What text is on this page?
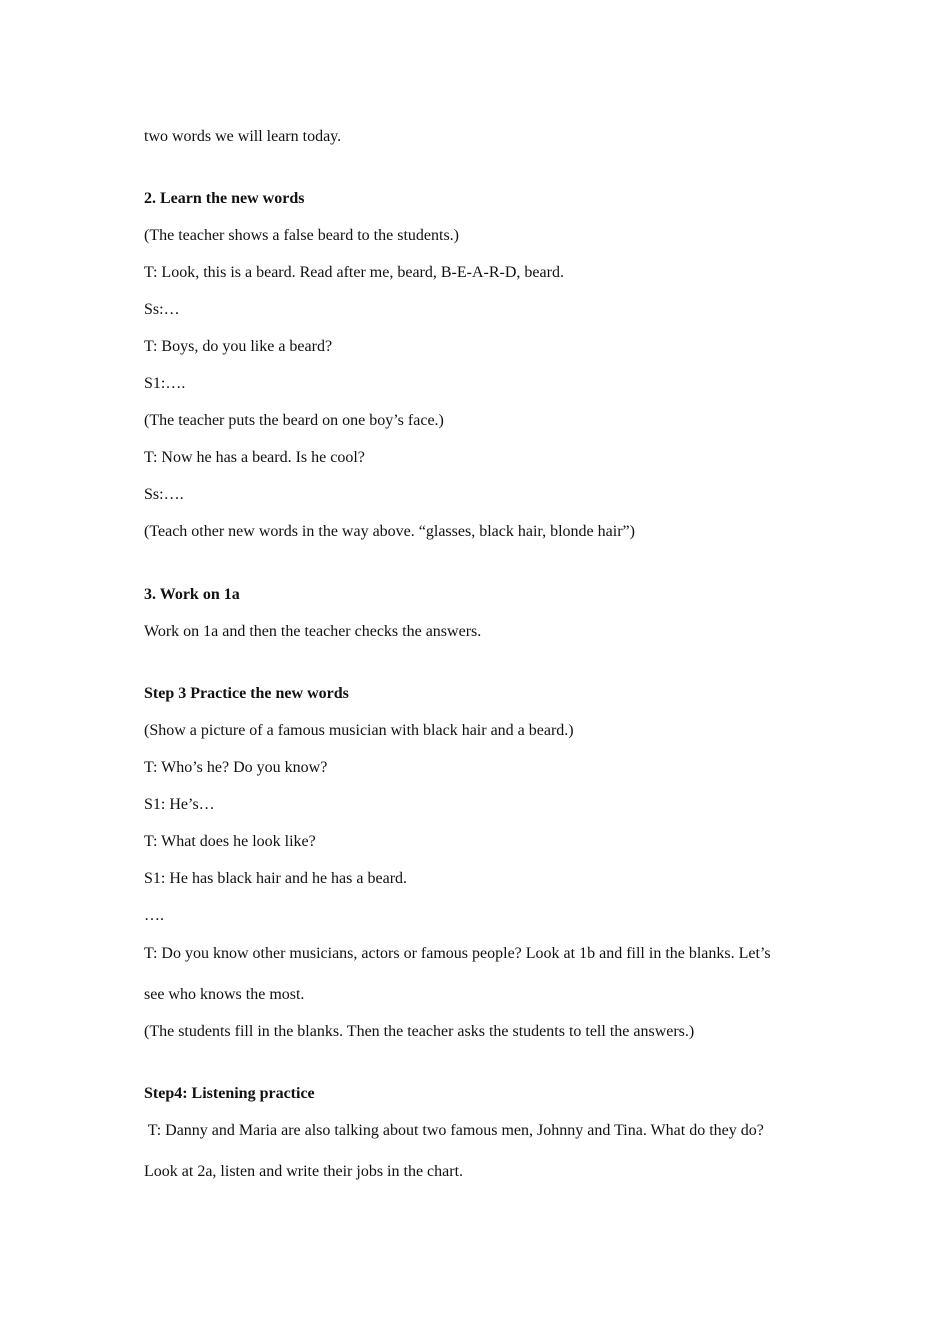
two words we will learn today.
2. Learn the new words
(The teacher shows a false beard to the students.)
T: Look, this is a beard. Read after me, beard, B-E-A-R-D, beard.
Ss:…
T: Boys, do you like a beard?
S1:….
(The teacher puts the beard on one boy’s face.)
T: Now he has a beard. Is he cool?
Ss:….
(Teach other new words in the way above. “glasses, black hair, blonde hair”)
3. Work on 1a
Work on 1a and then the teacher checks the answers.
Step 3 Practice the new words
(Show a picture of a famous musician with black hair and a beard.)
T: Who’s he? Do you know?
S1: He’s…
T: What does he look like?
S1: He has black hair and he has a beard.
….
T: Do you know other musicians, actors or famous people? Look at 1b and fill in the blanks. Let’s
see who knows the most.
(The students fill in the blanks. Then the teacher asks the students to tell the answers.)
Step4: Listening practice
T: Danny and Maria are also talking about two famous men, Johnny and Tina. What do they do?
Look at 2a, listen and write their jobs in the chart.
